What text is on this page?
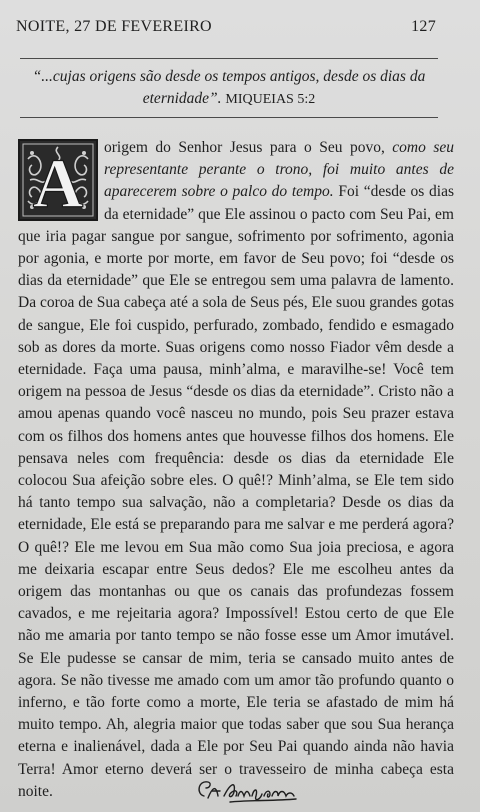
NOITE, 27 DE FEVEREIRO	127
“...cujas origens são desde os tempos antigos, desde os dias da eternidade”. MIQUEIAS 5:2
A origem do Senhor Jesus para o Seu povo, como seu representante perante o trono, foi muito antes de aparecerem sobre o palco do tempo. Foi “desde os dias da eternidade” que Ele assinou o pacto com Seu Pai, em que iria pagar sangue por sangue, sofrimento por sofrimento, agonia por agonia, e morte por morte, em favor de Seu povo; foi “desde os dias da eternidade” que Ele se entregou sem uma palavra de lamento. Da coroa de Sua cabeça até a sola de Seus pés, Ele suou grandes gotas de sangue, Ele foi cuspido, perfurado, zombado, fendido e esmagado sob as dores da morte. Suas origens como nosso Fiador vêm desde a eternidade. Faça uma pausa, minh’alma, e maravilhe-se! Você tem origem na pessoa de Jesus “desde os dias da eternidade”. Cristo não a amou apenas quando você nasceu no mundo, pois Seu prazer estava com os filhos dos homens antes que houvesse filhos dos homens. Ele pensava neles com frequência: desde os dias da eternidade Ele colocou Sua afeição sobre eles. O quê!? Minh’alma, se Ele tem sido há tanto tempo sua salvação, não a completaria? Desde os dias da eternidade, Ele está se preparando para me salvar e me perderá agora? O quê!? Ele me levou em Sua mão como Sua joia preciosa, e agora me deixaria escapar entre Seus dedos? Ele me escolheu antes da origem das montanhas ou que os canais das profundezas fossem cavados, e me rejeitaria agora? Impossível! Estou certo de que Ele não me amaria por tanto tempo se não fosse esse um Amor imutável. Se Ele pudesse se cansar de mim, teria se cansado muito antes de agora. Se não tivesse me amado com um amor tão profundo quanto o inferno, e tão forte como a morte, Ele teria se afastado de mim há muito tempo. Ah, alegria maior que todas saber que sou Sua herança eterna e inalienável, dada a Ele por Seu Pai quando ainda não havia Terra! Amor eterno deverá ser o travesseiro de minha cabeça esta noite.
